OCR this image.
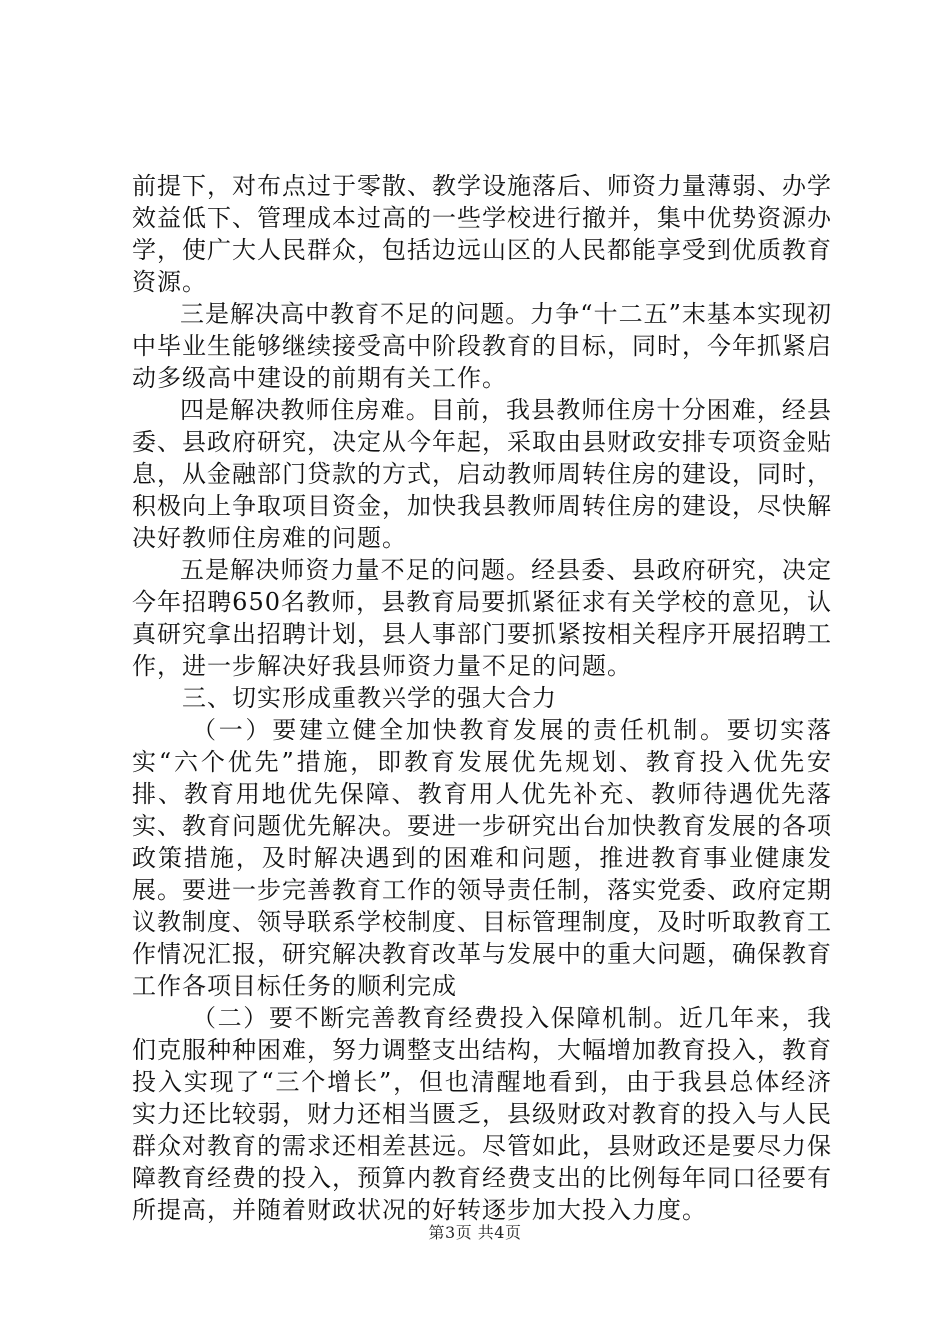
前提下，对布点过于零散、教学设施落后、师资力量薄弱、办学效益低下、管理成本过高的一些学校进行撤并，集中优势资源办学，使广大人民群众，包括边远山区的人民都能享受到优质教育资源。

三是解决高中教育不足的问题。力争“十二五”末基本实现初中毕业生能够继续接受高中阶段教育的目标，同时，今年抓紧启动多级高中建设的前期有关工作。

四是解决教师住房难。目前，我县教师住房十分困难，经县委、县政府研究，决定从今年起，采取由县财政安排专项资金贴息，从金融部门贷款的方式，启动教师周转住房的建设，同时，积极向上争取项目资金，加快我县教师周转住房的建设，尽快解决好教师住房难的问题。

五是解决师资力量不足的问题。经县委、县政府研究，决定今年招聘650名教师，县教育局要抓紧征求有关学校的意见，认真研究拿出招聘计划，县人事部门要抓紧按相关程序开展招聘工作，进一步解决好我县师资力量不足的问题。

三、切实形成重教兴学的强大合力

（一）要建立健全加快教育发展的责任机制。要切实落实“六个优先”措施，即教育发展优先规划、教育投入优先安排、教育用地优先保障、教育用人优先补充、教师待遇优先落实、教育问题优先解决。要进一步研究出台加快教育发展的各项政策措施，及时解决遇到的困难和问题，推进教育事业健康发展。要进一步完善教育工作的领导责任制，落实党委、政府定期议教制度、领导联系学校制度、目标管理制度，及时听取教育工作情况汇报，研究解决教育改革与发展中的重大问题，确保教育工作各项目标任务的顺利完成

（二）要不断完善教育经费投入保障机制。近几年来，我们克服种种困难，努力调整支出结构，大幅增加教育投入，教育投入实现了“三个增长”，但也清醒地看到，由于我县总体经济实力还比较弱，财力还相当匮乏，县级财政对教育的投入与人民群众对教育的需求还相差甚远。尽管如此，县财政还是要尽力保障教育经费的投入，预算内教育经费支出的比例每年同口径要有所提高，并随着财政状况的好转逐步加大投入力度。

第3页 共4页
